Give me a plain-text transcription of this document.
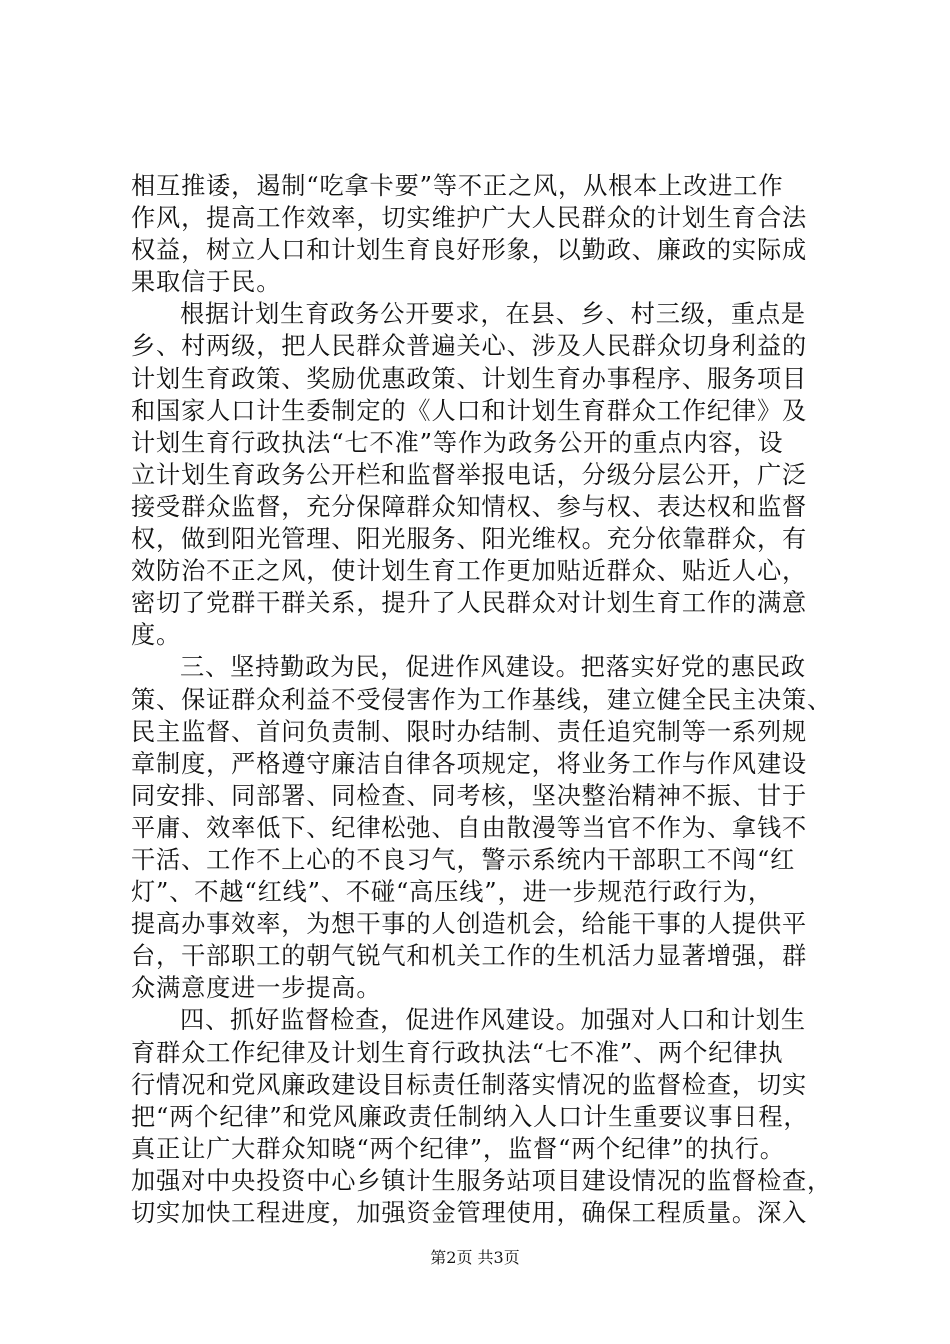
相互推诿，遏制“吃拿卡要”等不正之风，从根本上改进工作
作风，提高工作效率，切实维护广大人民群众的计划生育合法
权益，树立人口和计划生育良好形象，以勤政、廉政的实际成
果取信于民。
根据计划生育政务公开要求，在县、乡、村三级，重点是
乡、村两级，把人民群众普遍关心、涉及人民群众切身利益的
计划生育政策、奖励优惠政策、计划生育办事程序、服务项目
和国家人口计生委制定的《人口和计划生育群众工作纪律》及
计划生育行政执法“七不准”等作为政务公开的重点内容，设
立计划生育政务公开栏和监督举报电话，分级分层公开，广泛
接受群众监督，充分保障群众知情权、参与权、表达权和监督
权，做到阳光管理、阳光服务、阳光维权。充分依靠群众，有
效防治不正之风，使计划生育工作更加贴近群众、贴近人心，
密切了党群干群关系，提升了人民群众对计划生育工作的满意
度。
三、坚持勤政为民，促进作风建设。把落实好党的惠民政
策、保证群众利益不受侵害作为工作基线，建立健全民主决策、
民主监督、首问负责制、限时办结制、责任追究制等一系列规
章制度，严格遵守廉洁自律各项规定，将业务工作与作风建设
同安排、同部署、同检查、同考核，坚决整治精神不振、甘于
平庸、效率低下、纪律松弛、自由散漫等当官不作为、拿钱不
干活、工作不上心的不良习气，警示系统内干部职工不闯“红
灯”、不越“红线”、不碰“高压线”，进一步规范行政行为，
提高办事效率，为想干事的人创造机会，给能干事的人提供平
台，干部职工的朝气锐气和机关工作的生机活力显著增强，群
众满意度进一步提高。
四、抓好监督检查，促进作风建设。加强对人口和计划生
育群众工作纪律及计划生育行政执法“七不准”、两个纪律执
行情况和党风廉政建设目标责任制落实情况的监督检查，切实
把“两个纪律”和党风廉政责任制纳入人口计生重要议事日程，
真正让广大群众知晓“两个纪律”，监督“两个纪律”的执行。
加强对中央投资中心乡镇计生服务站项目建设情况的监督检查，
切实加快工程进度，加强资金管理使用，确保工程质量。深入
第2页 共3页
